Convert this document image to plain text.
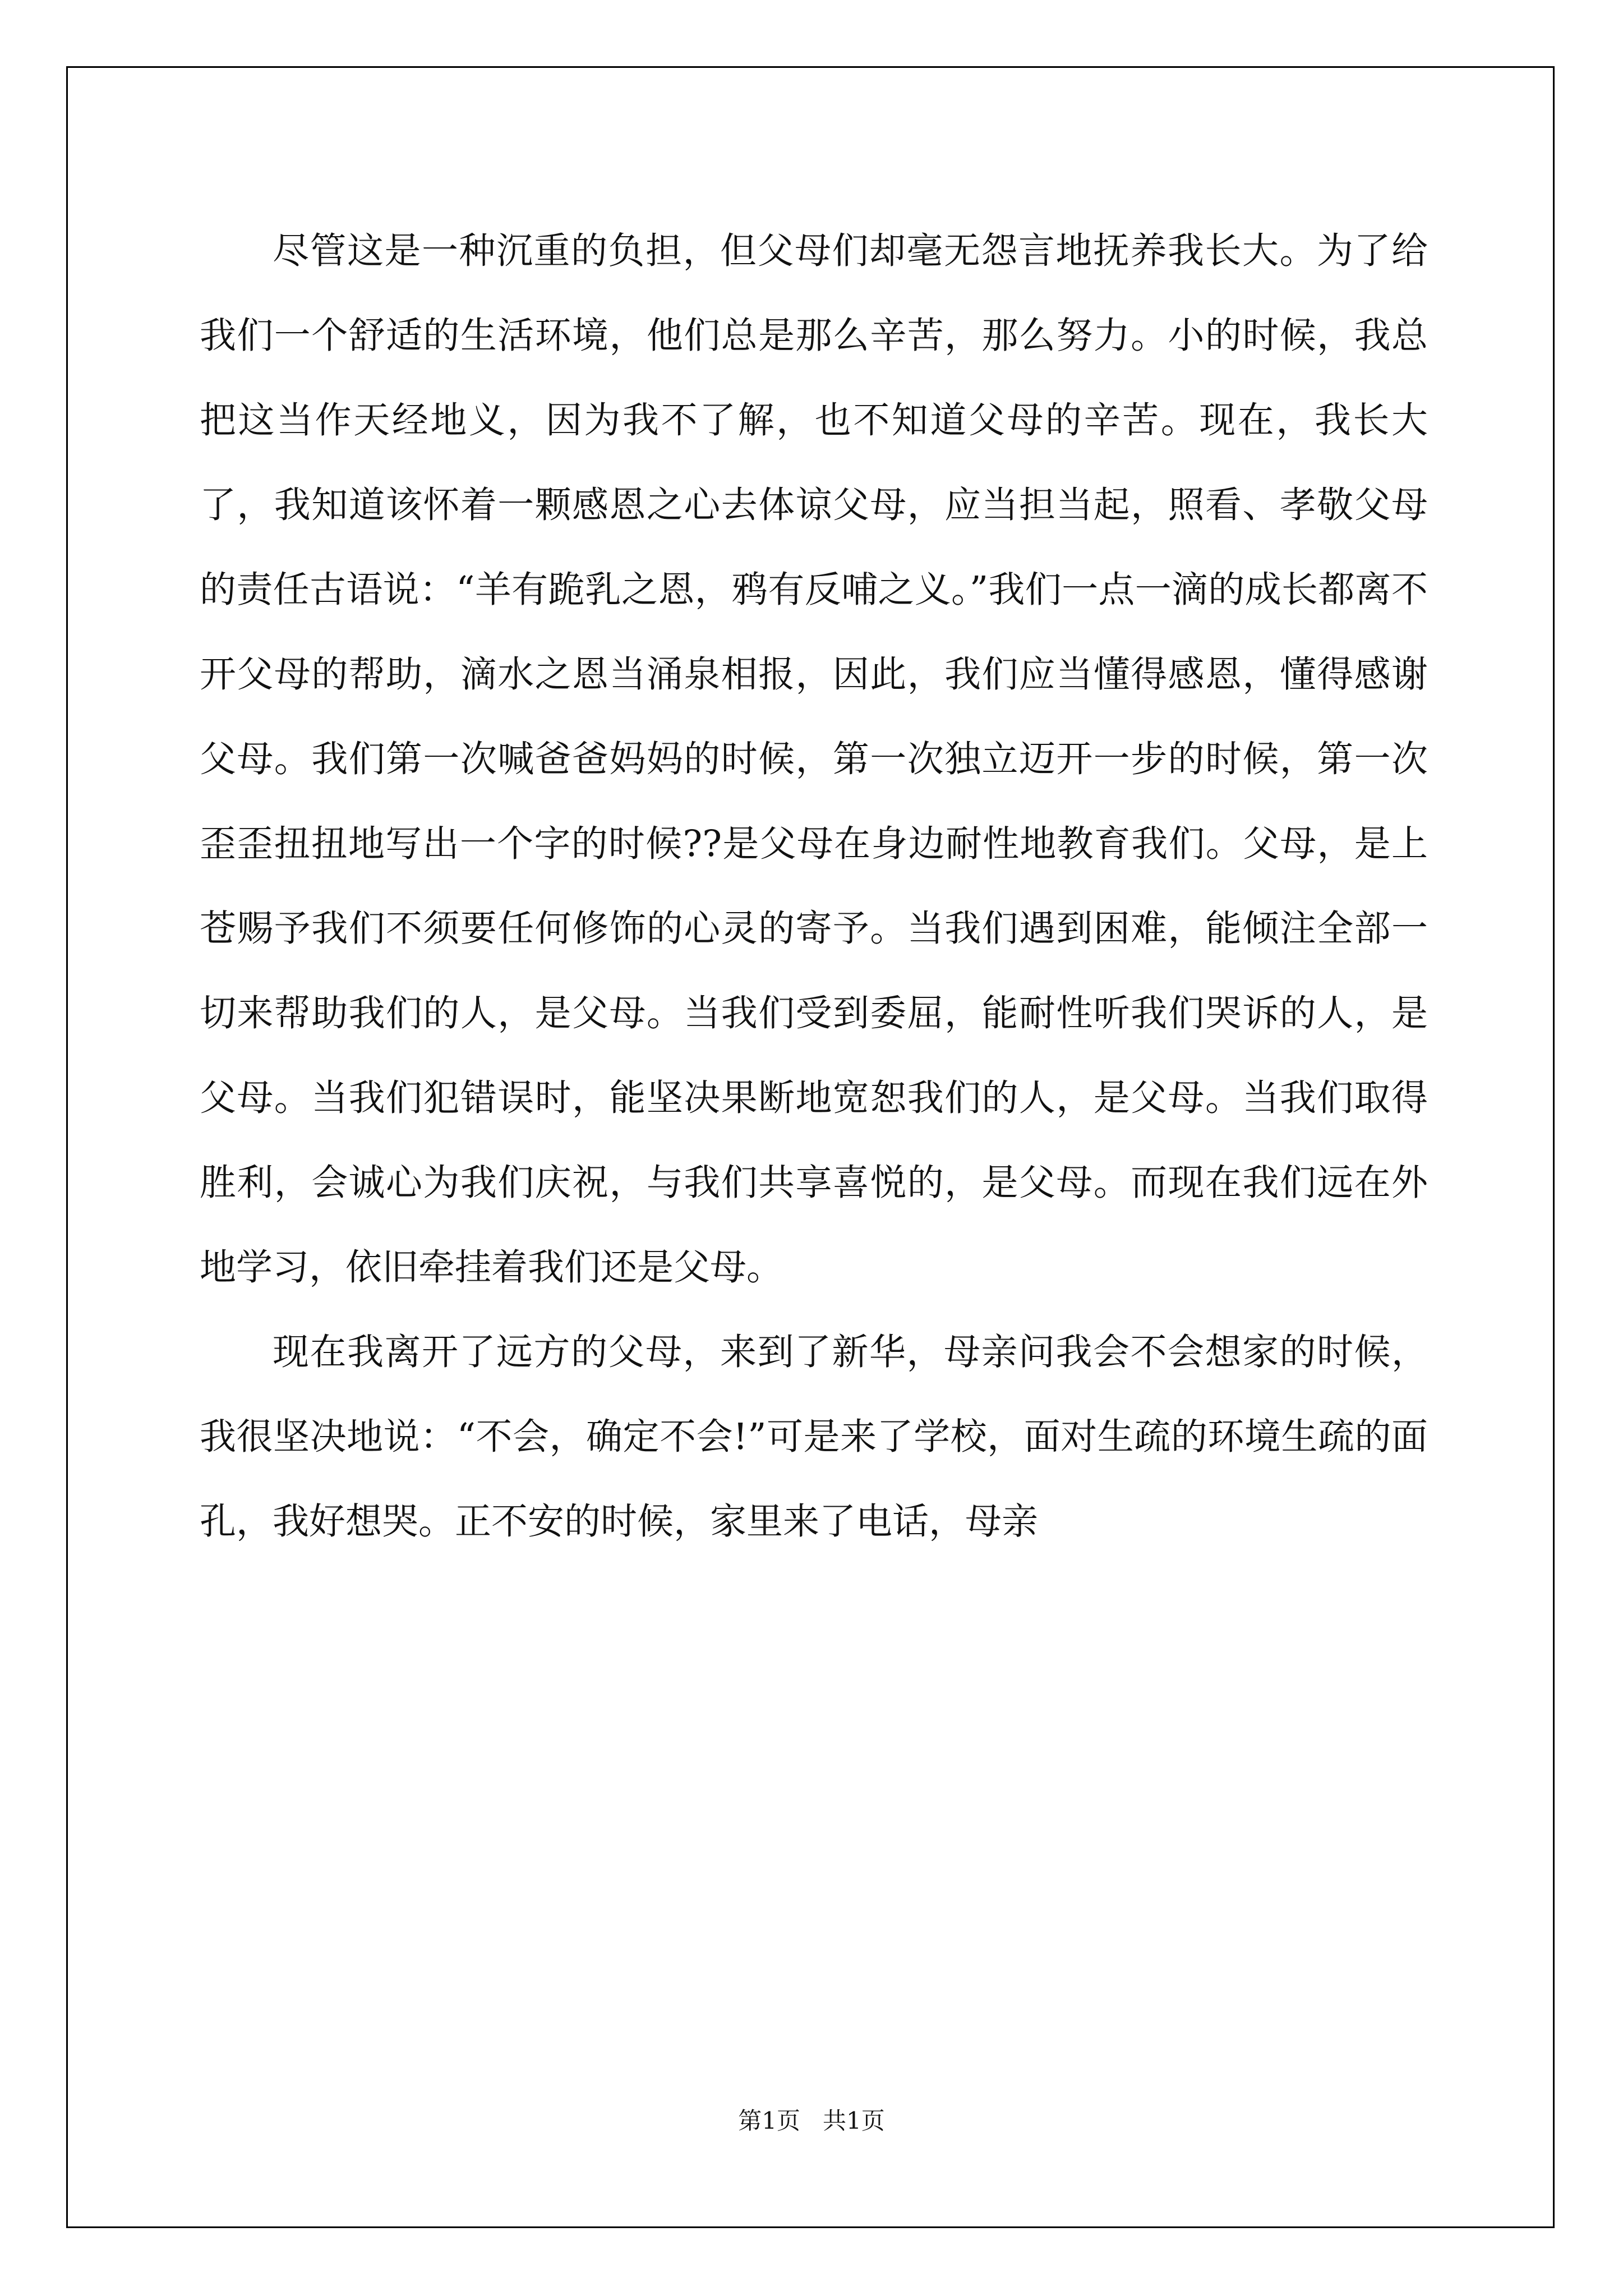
尽管这是一种沉重的负担，但父母们却毫无怨言地抚养我长大。为了给我们一个舒适的生活环境，他们总是那么辛苦，那么努力。小的时候，我总把这当作天经地义，因为我不了解，也不知道父母的辛苦。现在，我长大了，我知道该怀着一颗感恩之心去体谅父母，应当担当起，照看、孝敬父母的责任古语说：“羊有跪乳之恩，鸦有反哺之义。”我们一点一滴的成长都离不开父母的帮助，滴水之恩当涌泉相报，因此，我们应当懂得感恩，懂得感谢父母。我们第一次喊爸爸妈妈的时候，第一次独立迈开一步的时候，第一次歪歪扭扭地写出一个字的时候??是父母在身边耐性地教育我们。父母，是上苍赐予我们不须要任何修饰的心灵的寄予。当我们遇到困难，能倾注全部一切来帮助我们的人，是父母。当我们受到委屈，能耐性听我们哭诉的人，是父母。当我们犯错误时，能坚决果断地宽恕我们的人，是父母。当我们取得胜利，会诚心为我们庆祝，与我们共享喜悦的，是父母。而现在我们远在外地学习，依旧牵挂着我们还是父母。

现在我离开了远方的父母，来到了新华，母亲问我会不会想家的时候，我很坚决地说：“不会，确定不会!”可是来了学校，面对生疏的环境生疏的面孔，我好想哭。正不安的时候，家里来了电话，母亲

第1页   共1页
